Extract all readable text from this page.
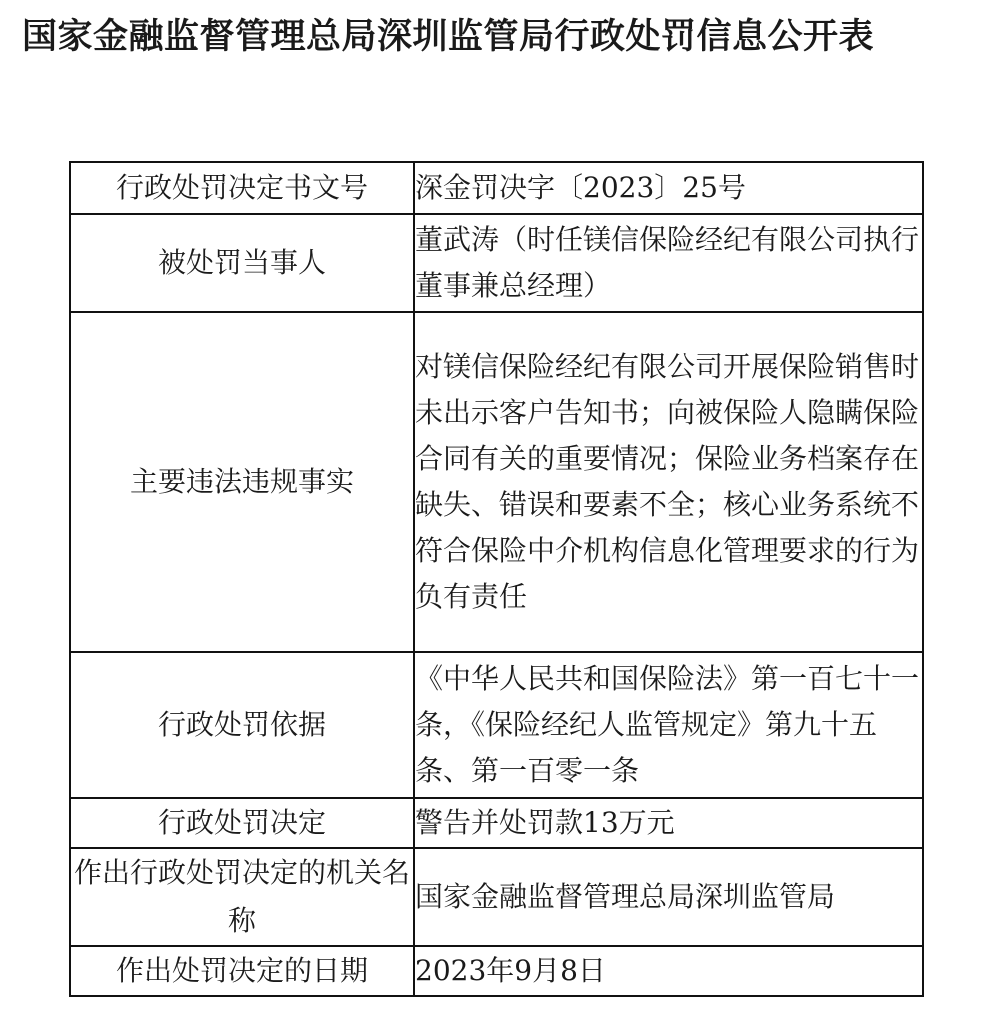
国家金融监督管理总局深圳监管局行政处罚信息公开表
行政处罚决定书文号	深金罚决字〔2023〕25号
被处罚当事人	董武涛（时任镁信保险经纪有限公司执行董事兼总经理）
主要违法违规事实	对镁信保险经纪有限公司开展保险销售时未出示客户告知书；向被保险人隐瞒保险合同有关的重要情况；保险业务档案存在缺失、错误和要素不全；核心业务系统不符合保险中介机构信息化管理要求的行为负有责任
行政处罚依据	《中华人民共和国保险法》第一百七十一条，《保险经纪人监管规定》第九十五条、第一百零一条
行政处罚决定	警告并处罚款13万元
作出行政处罚决定的机关名称	国家金融监督管理总局深圳监管局
作出处罚决定的日期	2023年9月8日
